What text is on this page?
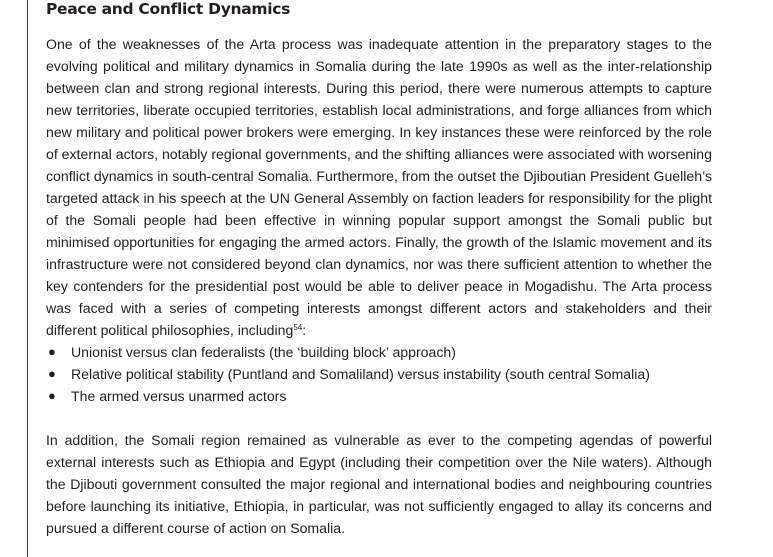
Peace and Conflict Dynamics

One of the weaknesses of the Arta process was inadequate attention in the preparatory stages to the evolving political and military dynamics in Somalia during the late 1990s as well as the inter-relationship between clan and strong regional interests. During this period, there were numerous attempts to capture new territories, liberate occupied territories, establish local administrations, and forge alliances from which new military and political power brokers were emerging. In key instances these were reinforced by the role of external actors, notably regional governments, and the shifting alliances were associated with worsening conflict dynamics in south-central Somalia. Furthermore, from the outset the Djiboutian President Guelleh’s targeted attack in his speech at the UN General Assembly on faction leaders for responsibility for the plight of the Somali people had been effective in winning popular support amongst the Somali public but minimised opportunities for engaging the armed actors. Finally, the growth of the Islamic movement and its infrastructure were not considered beyond clan dynamics, nor was there sufficient attention to whether the key contenders for the presidential post would be able to deliver peace in Mogadishu. The Arta process was faced with a series of competing interests amongst different actors and stakeholders and their different political philosophies, including$^{54}$:

● Unionist versus clan federalists (the ‘building block’ approach)
● Relative political stability (Puntland and Somaliland) versus instability (south central Somalia)
● The armed versus unarmed actors

In addition, the Somali region remained as vulnerable as ever to the competing agendas of powerful external interests such as Ethiopia and Egypt (including their competition over the Nile waters). Although the Djibouti government consulted the major regional and international bodies and neighbouring countries before launching its initiative, Ethiopia, in particular, was not sufficiently engaged to allay its concerns and pursued a different course of action on Somalia.
